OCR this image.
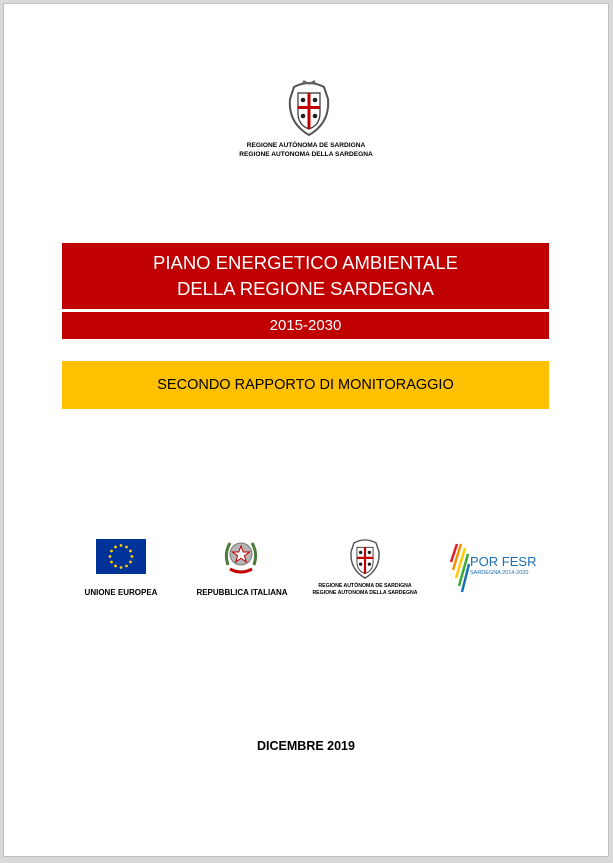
REGIONE AUTÒNOMA DE SARDIGNA
REGIONE AUTONOMA DELLA SARDEGNA
PIANO ENERGETICO AMBIENTALE
DELLA REGIONE SARDEGNA
2015-2030
SECONDO RAPPORTO DI MONITORAGGIO
UNIONE EUROPEA	REPUBBLICA ITALIANA
REGIONE AUTÒNOMA DE SARDIGNA
REGIONE AUTONOMA DELLA SARDEGNA
POR FESR
SARDEGNA 2014-2020
DICEMBRE 2019
